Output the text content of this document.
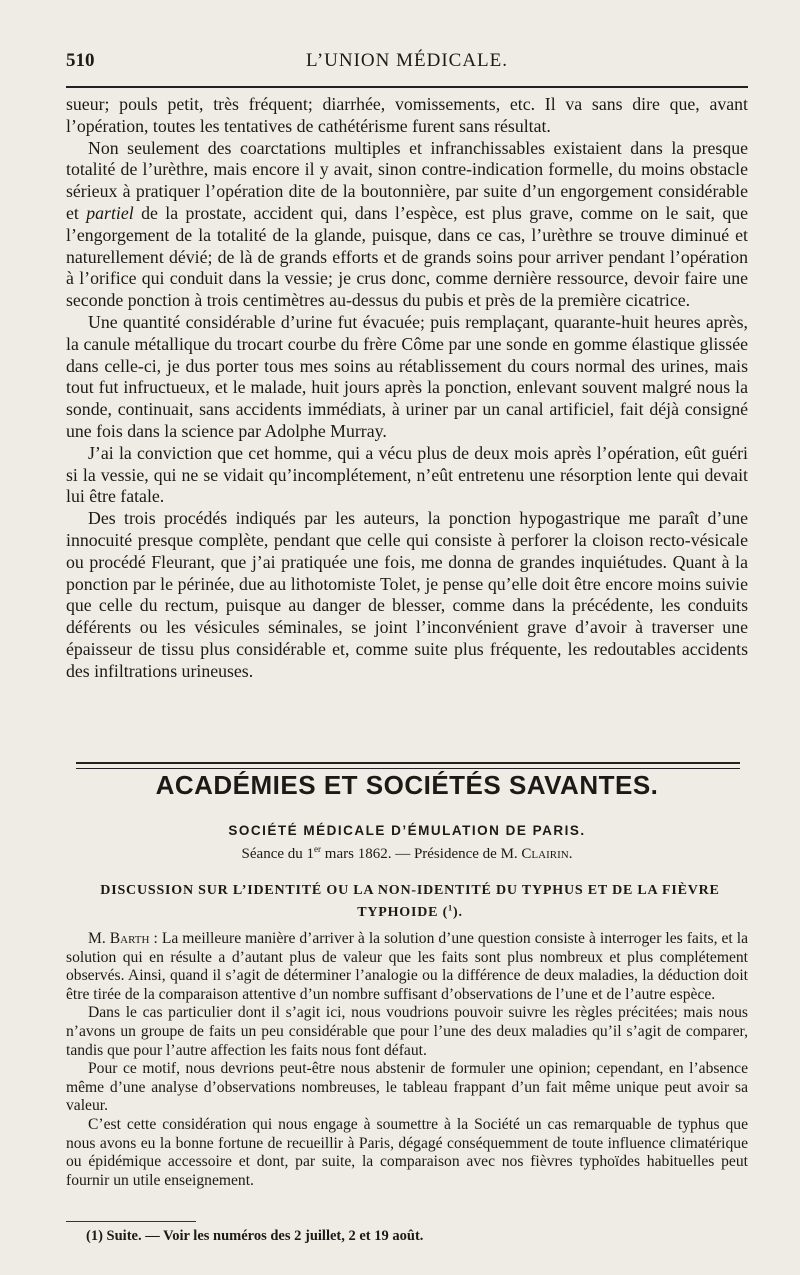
510	L’UNION MÉDICALE.

sueur; pouls petit, très fréquent; diarrhée, vomissements, etc. Il va sans dire que, avant l’opération, toutes les tentatives de cathétérisme furent sans résultat.

Non seulement des coarctations multiples et infranchissables existaient dans la presque totalité de l’urèthre, mais encore il y avait, sinon contre-indication formelle, du moins obstacle sérieux à pratiquer l’opération dite de la boutonnière, par suite d’un engorgement considérable et partiel de la prostate, accident qui, dans l’espèce, est plus grave, comme on le sait, que l’engorgement de la totalité de la glande, puisque, dans ce cas, l’urèthre se trouve diminué et naturellement dévié; de là de grands efforts et de grands soins pour arriver pendant l’opération à l’orifice qui conduit dans la vessie; je crus donc, comme dernière ressource, devoir faire une seconde ponction à trois centimètres au-dessus du pubis et près de la première cicatrice.

Une quantité considérable d’urine fut évacuée; puis remplaçant, quarante-huit heures après, la canule métallique du trocart courbe du frère Côme par une sonde en gomme élastique glissée dans celle-ci, je dus porter tous mes soins au rétablissement du cours normal des urines, mais tout fut infructueux, et le malade, huit jours après la ponction, enlevant souvent malgré nous la sonde, continuait, sans accidents immédiats, à uriner par un canal artificiel, fait déjà consigné une fois dans la science par Adolphe Murray.

J’ai la conviction que cet homme, qui a vécu plus de deux mois après l’opération, eût guéri si la vessie, qui ne se vidait qu’incomplétement, n’eût entretenu une résorption lente qui devait lui être fatale.

Des trois procédés indiqués par les auteurs, la ponction hypogastrique me paraît d’une innocuité presque complète, pendant que celle qui consiste à perforer la cloison recto-vésicale ou procédé Fleurant, que j’ai pratiquée une fois, me donna de grandes inquiétudes. Quant à la ponction par le périnée, due au lithotomiste Tolet, je pense qu’elle doit être encore moins suivie que celle du rectum, puisque au danger de blesser, comme dans la précédente, les conduits déférents ou les vésicules séminales, se joint l’inconvénient grave d’avoir à traverser une épaisseur de tissu plus considérable et, comme suite plus fréquente, les redoutables accidents des infiltrations urineuses.

ACADÉMIES ET SOCIÉTÉS SAVANTES.
SOCIÉTÉ MÉDICALE D’ÉMULATION DE PARIS.
Séance du 1er mars 1862. — Présidence de M. Clairin.
DISCUSSION SUR L’IDENTITÉ OU LA NON-IDENTITÉ DU TYPHUS ET DE LA FIÈVRE
TYPHOIDE ($^1$).

M. Barth : La meilleure manière d’arriver à la solution d’une question consiste à interroger les faits, et la solution qui en résulte a d’autant plus de valeur que les faits sont plus nombreux et plus complétement observés. Ainsi, quand il s’agit de déterminer l’analogie ou la différence de deux maladies, la déduction doit être tirée de la comparaison attentive d’un nombre suffisant d’observations de l’une et de l’autre espèce.

Dans le cas particulier dont il s’agit ici, nous voudrions pouvoir suivre les règles précitées; mais nous n’avons un groupe de faits un peu considérable que pour l’une des deux maladies qu’il s’agit de comparer, tandis que pour l’autre affection les faits nous font défaut.

Pour ce motif, nous devrions peut-être nous abstenir de formuler une opinion; cependant, en l’absence même d’une analyse d’observations nombreuses, le tableau frappant d’un fait même unique peut avoir sa valeur.

C’est cette considération qui nous engage à soumettre à la Société un cas remarquable de typhus que nous avons eu la bonne fortune de recueillir à Paris, dégagé conséquemment de toute influence climatérique ou épidémique accessoire et dont, par suite, la comparaison avec nos fièvres typhoïdes habituelles peut fournir un utile enseignement.

(1) Suite. — Voir les numéros des 2 juillet, 2 et 19 août.
